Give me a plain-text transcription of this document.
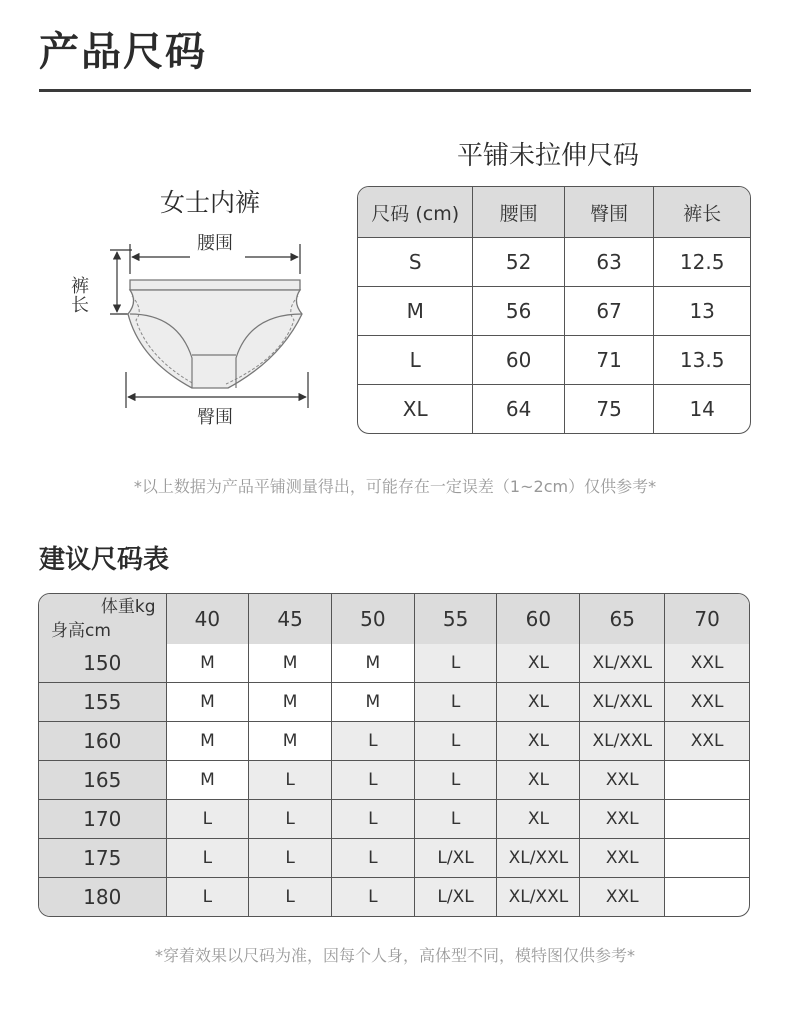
产品尺码
女士内裤
腰围
裤
长
臀围
平铺未拉伸尺码
尺码 (cm)	腰围	臀围	裤长
S	52	63	12.5
M	56	67	13
L	60	71	13.5
XL	64	75	14
*以上数据为产品平铺测量得出，可能存在一定误差（1~2cm）仅供参考*
建议尺码表
体重kg
身高cm	40	45	50	55	60	65	70
150	M	M	M	L	XL	XL/XXL	XXL
155	M	M	M	L	XL	XL/XXL	XXL
160	M	M	L	L	XL	XL/XXL	XXL
165	M	L	L	L	XL	XXL	
170	L	L	L	L	XL	XXL	
175	L	L	L	L/XL	XL/XXL	XXL	
180	L	L	L	L/XL	XL/XXL	XXL	
*穿着效果以尺码为准，因每个人身，高体型不同，模特图仅供参考*
